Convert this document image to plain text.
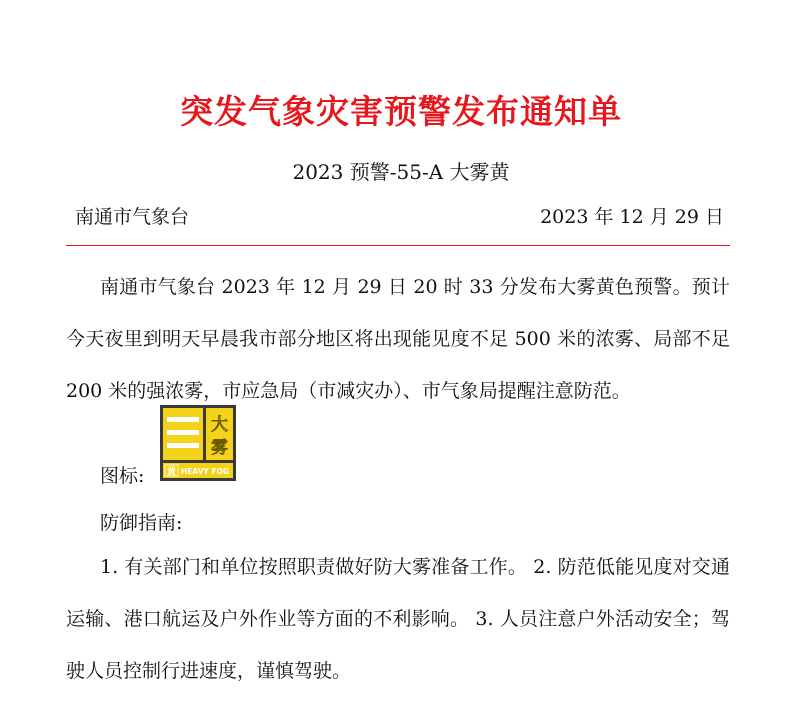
突发气象灾害预警发布通知单
2023 预警-55-A 大雾黄
南通市气象台	2023 年 12 月 29 日
南通市气象台 2023 年 12 月 29 日 20 时 33 分发布大雾黄色预警。预计今天夜里到明天早晨我市部分地区将出现能见度不足 500 米的浓雾、局部不足 200 米的强浓雾，市应急局（市减灾办）、市气象局提醒注意防范。
图标:
大
雾
黄 HEAVY FOG
防御指南:
1. 有关部门和单位按照职责做好防大雾准备工作。 2. 防范低能见度对交通运输、港口航运及户外作业等方面的不利影响。 3. 人员注意户外活动安全；驾驶人员控制行进速度，谨慎驾驶。
